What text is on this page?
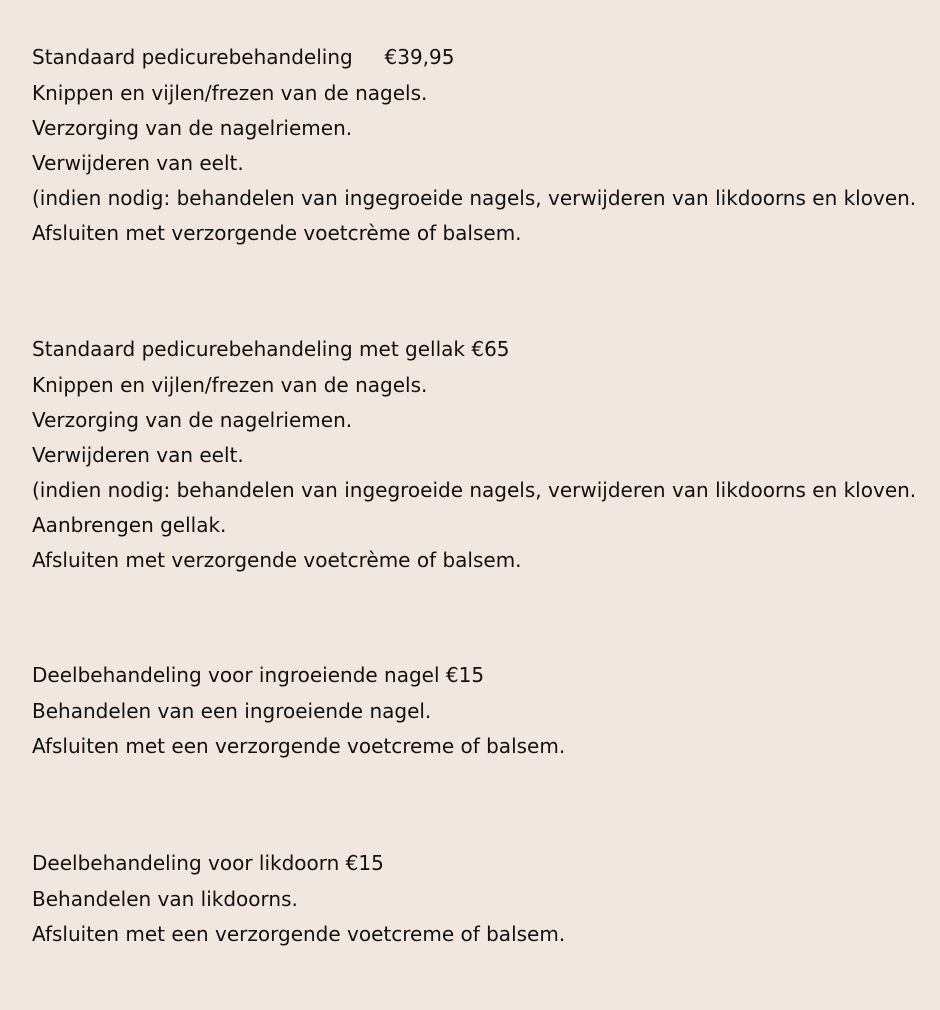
Standaard pedicurebehandeling     €39,95
Knippen en vijlen/frezen van de nagels.
Verzorging van de nagelriemen.
Verwijderen van eelt.
(indien nodig: behandelen van ingegroeide nagels, verwijderen van likdoorns en kloven.
Afsluiten met verzorgende voetcrème of balsem.
Standaard pedicurebehandeling met gellak €65
Knippen en vijlen/frezen van de nagels.
Verzorging van de nagelriemen.
Verwijderen van eelt.
(indien nodig: behandelen van ingegroeide nagels, verwijderen van likdoorns en kloven.
Aanbrengen gellak.
Afsluiten met verzorgende voetcrème of balsem.
Deelbehandeling voor ingroeiende nagel €15
Behandelen van een ingroeiende nagel.
Afsluiten met een verzorgende voetcreme of balsem.
Deelbehandeling voor likdoorn €15
Behandelen van likdoorns.
Afsluiten met een verzorgende voetcreme of balsem.
